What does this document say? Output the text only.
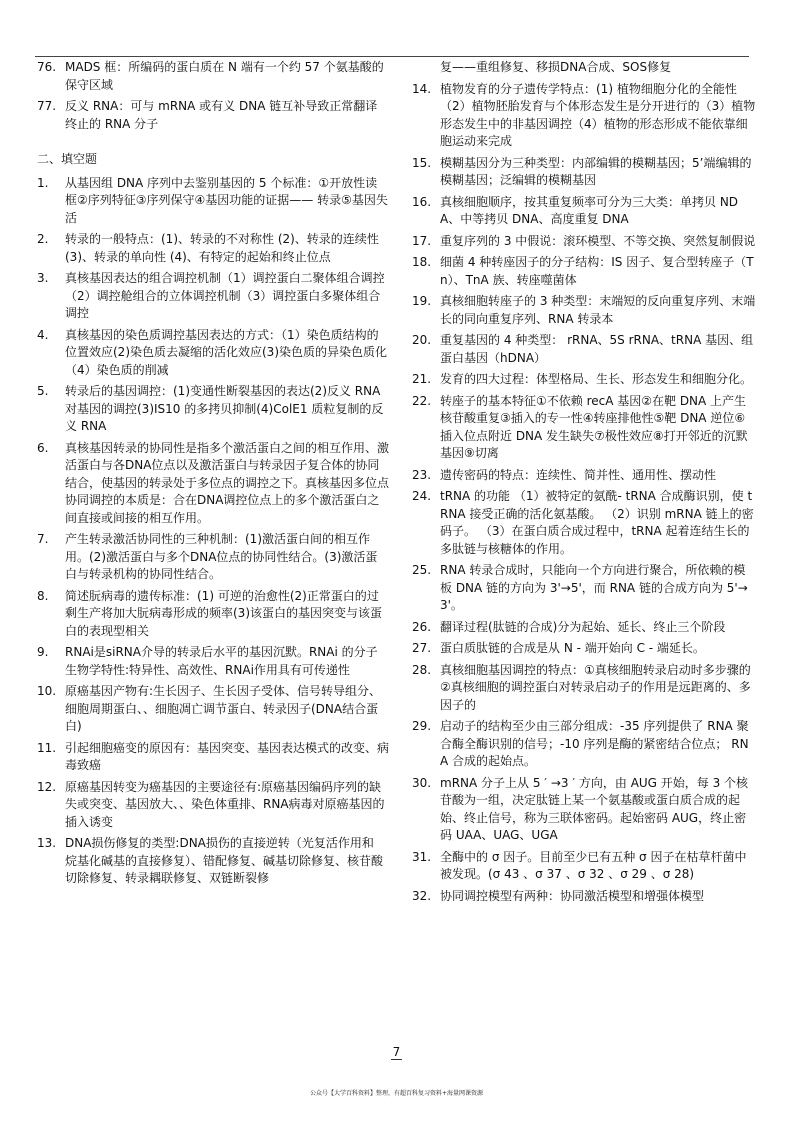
76. MADS 框：所编码的蛋白质在 N 端有一个约 57 个氨基酸的保守区域
77. 反义 RNA：可与 mRNA 或有义 DNA 链互补导致正常翻译终止的 RNA 分子
二、填空题
1.	从基因组 DNA 序列中去鉴别基因的 5 个标准：①开放性读框②序列特征③序列保守④基因功能的证据—— 转录⑤基因失活
2.	转录的一般特点：(1)、转录的不对称性 (2)、转录的连续性 (3)、转录的单向性 (4)、有特定的起始和终止位点
3.	真核基因表达的组合调控机制（1）调控蛋白二聚体组合调控（2）调控舱组合的立体调控机制（3）调控蛋白多聚体组合调控
4.	真核基因的染色质调控基因表达的方式：（1）染色质结构的位置效应(2)染色质去凝缩的活化效应(3)染色质的异染色质化（4）染色质的削减
5.	转录后的基因调控：(1)变通性断裂基因的表达(2)反义 RNA 对基因的调控(3)IS10 的多拷贝抑制(4)ColE1 质粒复制的反义 RNA
6.	真核基因转录的协同性是指多个激活蛋白之间的相互作用、激活蛋白与各DNA位点以及激活蛋白与转录因子复合体的协同结合，使基因的转录处于多位点的调控之下。真核基因多位点协同调控的本质是：合在DNA调控位点上的多个激活蛋白之间直接或间接的相互作用。
7.	产生转录激活协同性的三种机制：(1)激活蛋白间的相互作用。(2)激活蛋白与多个DNA位点的协同性结合。(3)激活蛋白与转录机构的协同性结合。
8.	简述朊病毒的遗传标准：(1) 可逆的治愈性(2)正常蛋白的过剩生产将加大朊病毒形成的频率(3)该蛋白的基因突变与该蛋白的表现型相关
9.	RNAi是siRNA介导的转录后水平的基因沉默。RNAi 的分子生物学特性:特异性、高效性、RNAi作用具有可传递性
10. 原癌基因产物有:生长因子、生长因子受体、信号转导组分、细胞周期蛋白、、细胞凋亡调节蛋白、转录因子(DNA结合蛋白)
11. 引起细胞癌变的原因有：基因突变、基因表达模式的改变、病毒致癌
12. 原癌基因转变为癌基因的主要途径有:原癌基因编码序列的缺失或突变、基因放大、、染色体重排、RNA病毒对原癌基因的插入诱变
13. DNA损伤修复的类型:DNA损伤的直接逆转（光复活作用和 烷基化碱基的直接修复）、错配修复、碱基切除修复、核苷酸切除修复、转录耦联修复、双链断裂修
复——重组修复、移损DNA合成、SOS修复
14. 植物发育的分子遗传学特点：(1) 植物细胞分化的全能性（2）植物胚胎发育与个体形态发生是分开进行的（3）植物形态发生中的非基因调控（4）植物的形态形成不能依靠细胞运动来完成
15. 模糊基因分为三种类型：内部编辑的模糊基因；5’端编辑的模糊基因；泛编辑的模糊基因
16. 真核细胞顺序，按其重复频率可分为三大类：单拷贝 NDA、中等拷贝 DNA、高度重复 DNA
17. 重复序列的 3 中假说：滚环模型、不等交换、突然复制假说
18. 细菌 4 种转座因子的分子结构：IS 因子、复合型转座子（Tn）、TnA 族、转座噬菌体
19. 真核细胞转座子的 3 种类型：末端短的反向重复序列、末端长的同向重复序列、RNA 转录本
20. 重复基因的 4 种类型： rRNA、5S rRNA、tRNA 基因、组蛋白基因（hDNA）
21. 发育的四大过程：体型格局、生长、形态发生和细胞分化。
22. 转座子的基本特征①不依赖 recA 基因②在靶 DNA 上产生核苷酸重复③插入的专一性④转座排他性⑤靶 DNA 逆位⑥插入位点附近 DNA 发生缺失⑦极性效应⑧打开邻近的沉默基因⑨切离
23. 遗传密码的特点：连续性、简并性、通用性、摆动性
24. tRNA 的功能 （1）被特定的氨酰- tRNA 合成酶识别，使 tRNA 接受正确的活化氨基酸。 （2）识别 mRNA 链上的密码子。 （3）在蛋白质合成过程中，tRNA 起着连结生长的多肽链与核糖体的作用。
25. RNA 转录合成时，只能向一个方向进行聚合，所依赖的模板 DNA 链的方向为 3'→5'，而 RNA 链的合成方向为 5'→3'。
26. 翻译过程(肽链的合成)分为起始、延长、终止三个阶段
27. 蛋白质肽链的合成是从 N - 端开始向 C - 端延长。
28. 真核细胞基因调控的特点：①真核细胞转录启动时多步骤的②真核细胞的调控蛋白对转录启动子的作用是远距离的、多因子的
29. 启动子的结构至少由三部分组成：-35 序列提供了 RNA 聚合酶全酶识别的信号；-10 序列是酶的紧密结合位点； RNA 合成的起始点。
30. mRNA 分子上从 5 ′ →3 ′ 方向，由 AUG 开始，每 3 个核苷酸为一组，决定肽链上某一个氨基酸或蛋白质合成的起始、终止信号，称为三联体密码。起始密码 AUG，终止密码 UAA、UAG、UGA
31. 全酶中的 σ 因子。目前至少已有五种 σ 因子在枯草杆菌中被发现。(σ 43 、σ 37 、σ 32 、σ 29 、σ 28)
32. 协同调控模型有两种：协同激活模型和增强体模型
7
公众号【大学百科资料】整理，有超百科复习资料+海量网课资源
